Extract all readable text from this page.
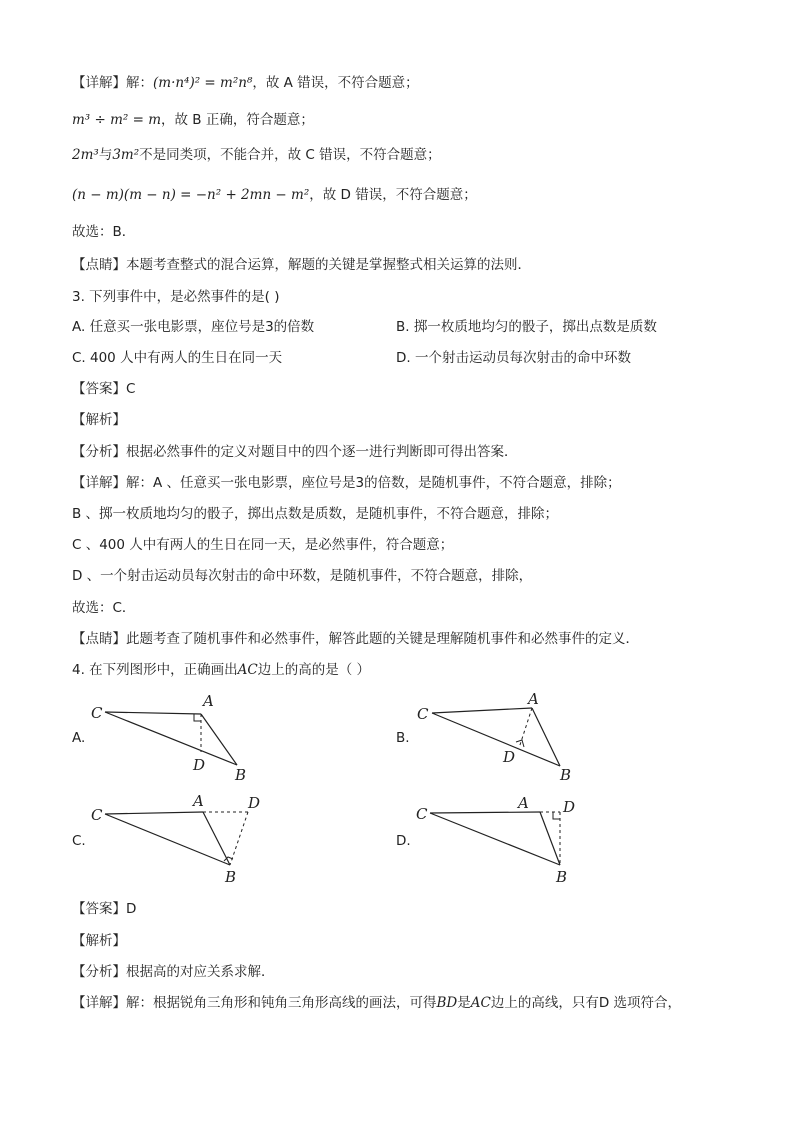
【详解】解：(m·n⁴)² = m²n⁸，故 A 错误，不符合题意；
m³ ÷ m² = m，故 B 正确，符合题意；
2m³与3m²不是同类项，不能合并，故 C 错误，不符合题意；
(n − m)(m − n) = −n² + 2mn − m²，故 D 错误，不符合题意；
故选：B．
【点睛】本题考查整式的混合运算，解题的关键是掌握整式相关运算的法则．
3. 下列事件中，是必然事件的是( )
A. 任意买一张电影票，座位号是3的倍数	B. 掷一枚质地均匀的骰子，掷出点数是质数
C. 400 人中有两人的生日在同一天	D. 一个射击运动员每次射击的命中环数
【答案】C
【解析】
【分析】根据必然事件的定义对题目中的四个逐一进行判断即可得出答案．
【详解】解：A 、任意买一张电影票，座位号是3的倍数，是随机事件，不符合题意，排除；
B 、掷一枚质地均匀的骰子，掷出点数是质数，是随机事件，不符合题意，排除；
C 、400 人中有两人的生日在同一天，是必然事件，符合题意；
D 、一个射击运动员每次射击的命中环数，是随机事件，不符合题意，排除，
故选：C．
【点睛】此题考查了随机事件和必然事件，解答此题的关键是理解随机事件和必然事件的定义．
4. 在下列图形中，正确画出AC边上的高的是（ ）
A.
C
A
D
B
B.
C
A
D
B
C.
C
A	D
B
D.
C
A D
B
【答案】D
【解析】
【分析】根据高的对应关系求解．
【详解】解：根据锐角三角形和钝角三角形高线的画法，可得BD是AC边上的高线，只有D 选项符合，
